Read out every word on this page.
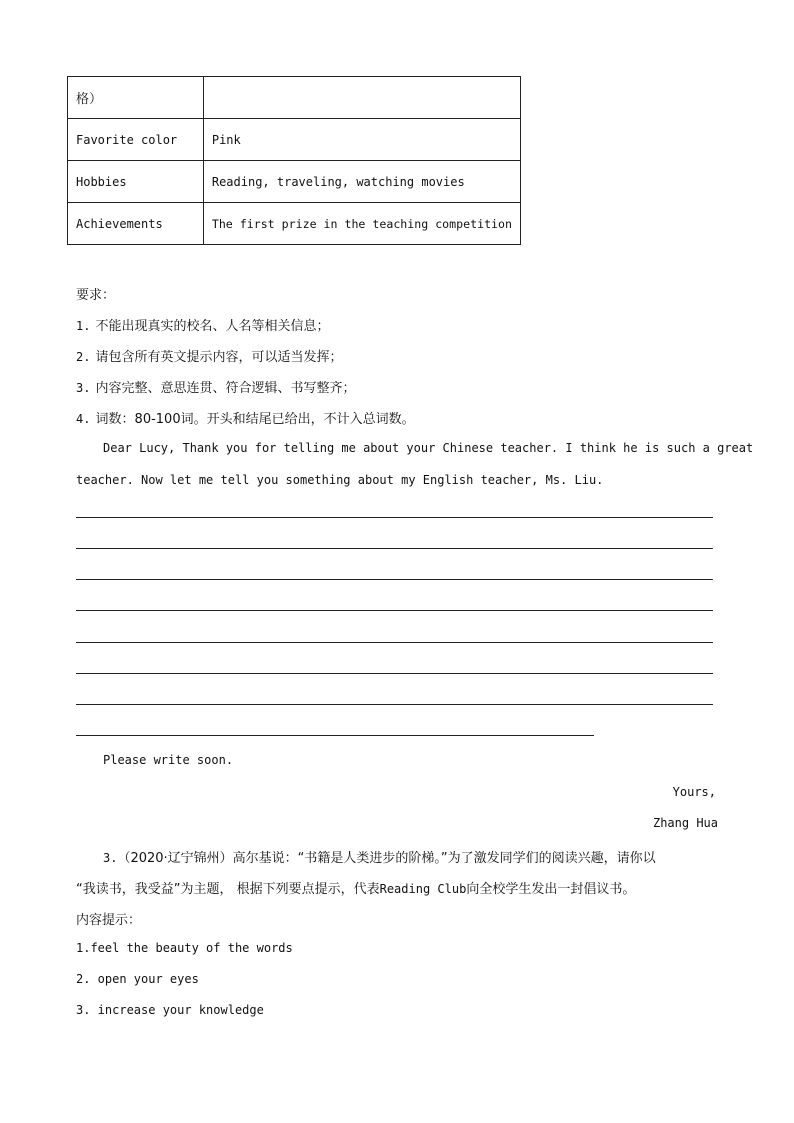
格）	
Favorite color	Pink
Hobbies	Reading, traveling, watching movies
Achievements	The first prize in the teaching competition
要求：
1. 不能出现真实的校名、人名等相关信息；
2. 请包含所有英文提示内容，可以适当发挥；
3. 内容完整、意思连贯、符合逻辑、书写整齐；
4. 词数：80-100词。开头和结尾已给出，不计入总词数。
Dear Lucy, Thank you for telling me about your Chinese teacher. I think he is such a great
teacher. Now let me tell you something about my English teacher, Ms. Liu.
Please write soon.
Yours,
Zhang Hua
3.（2020·辽宁锦州）高尔基说：“书籍是人类进步的阶梯。”为了激发同学们的阅读兴趣，请你以
“我读书，我受益”为主题， 根据下列要点提示，代表Reading Club向全校学生发出一封倡议书。
内容提示：
1.feel the beauty of the words
2. open your eyes
3. increase your knowledge
